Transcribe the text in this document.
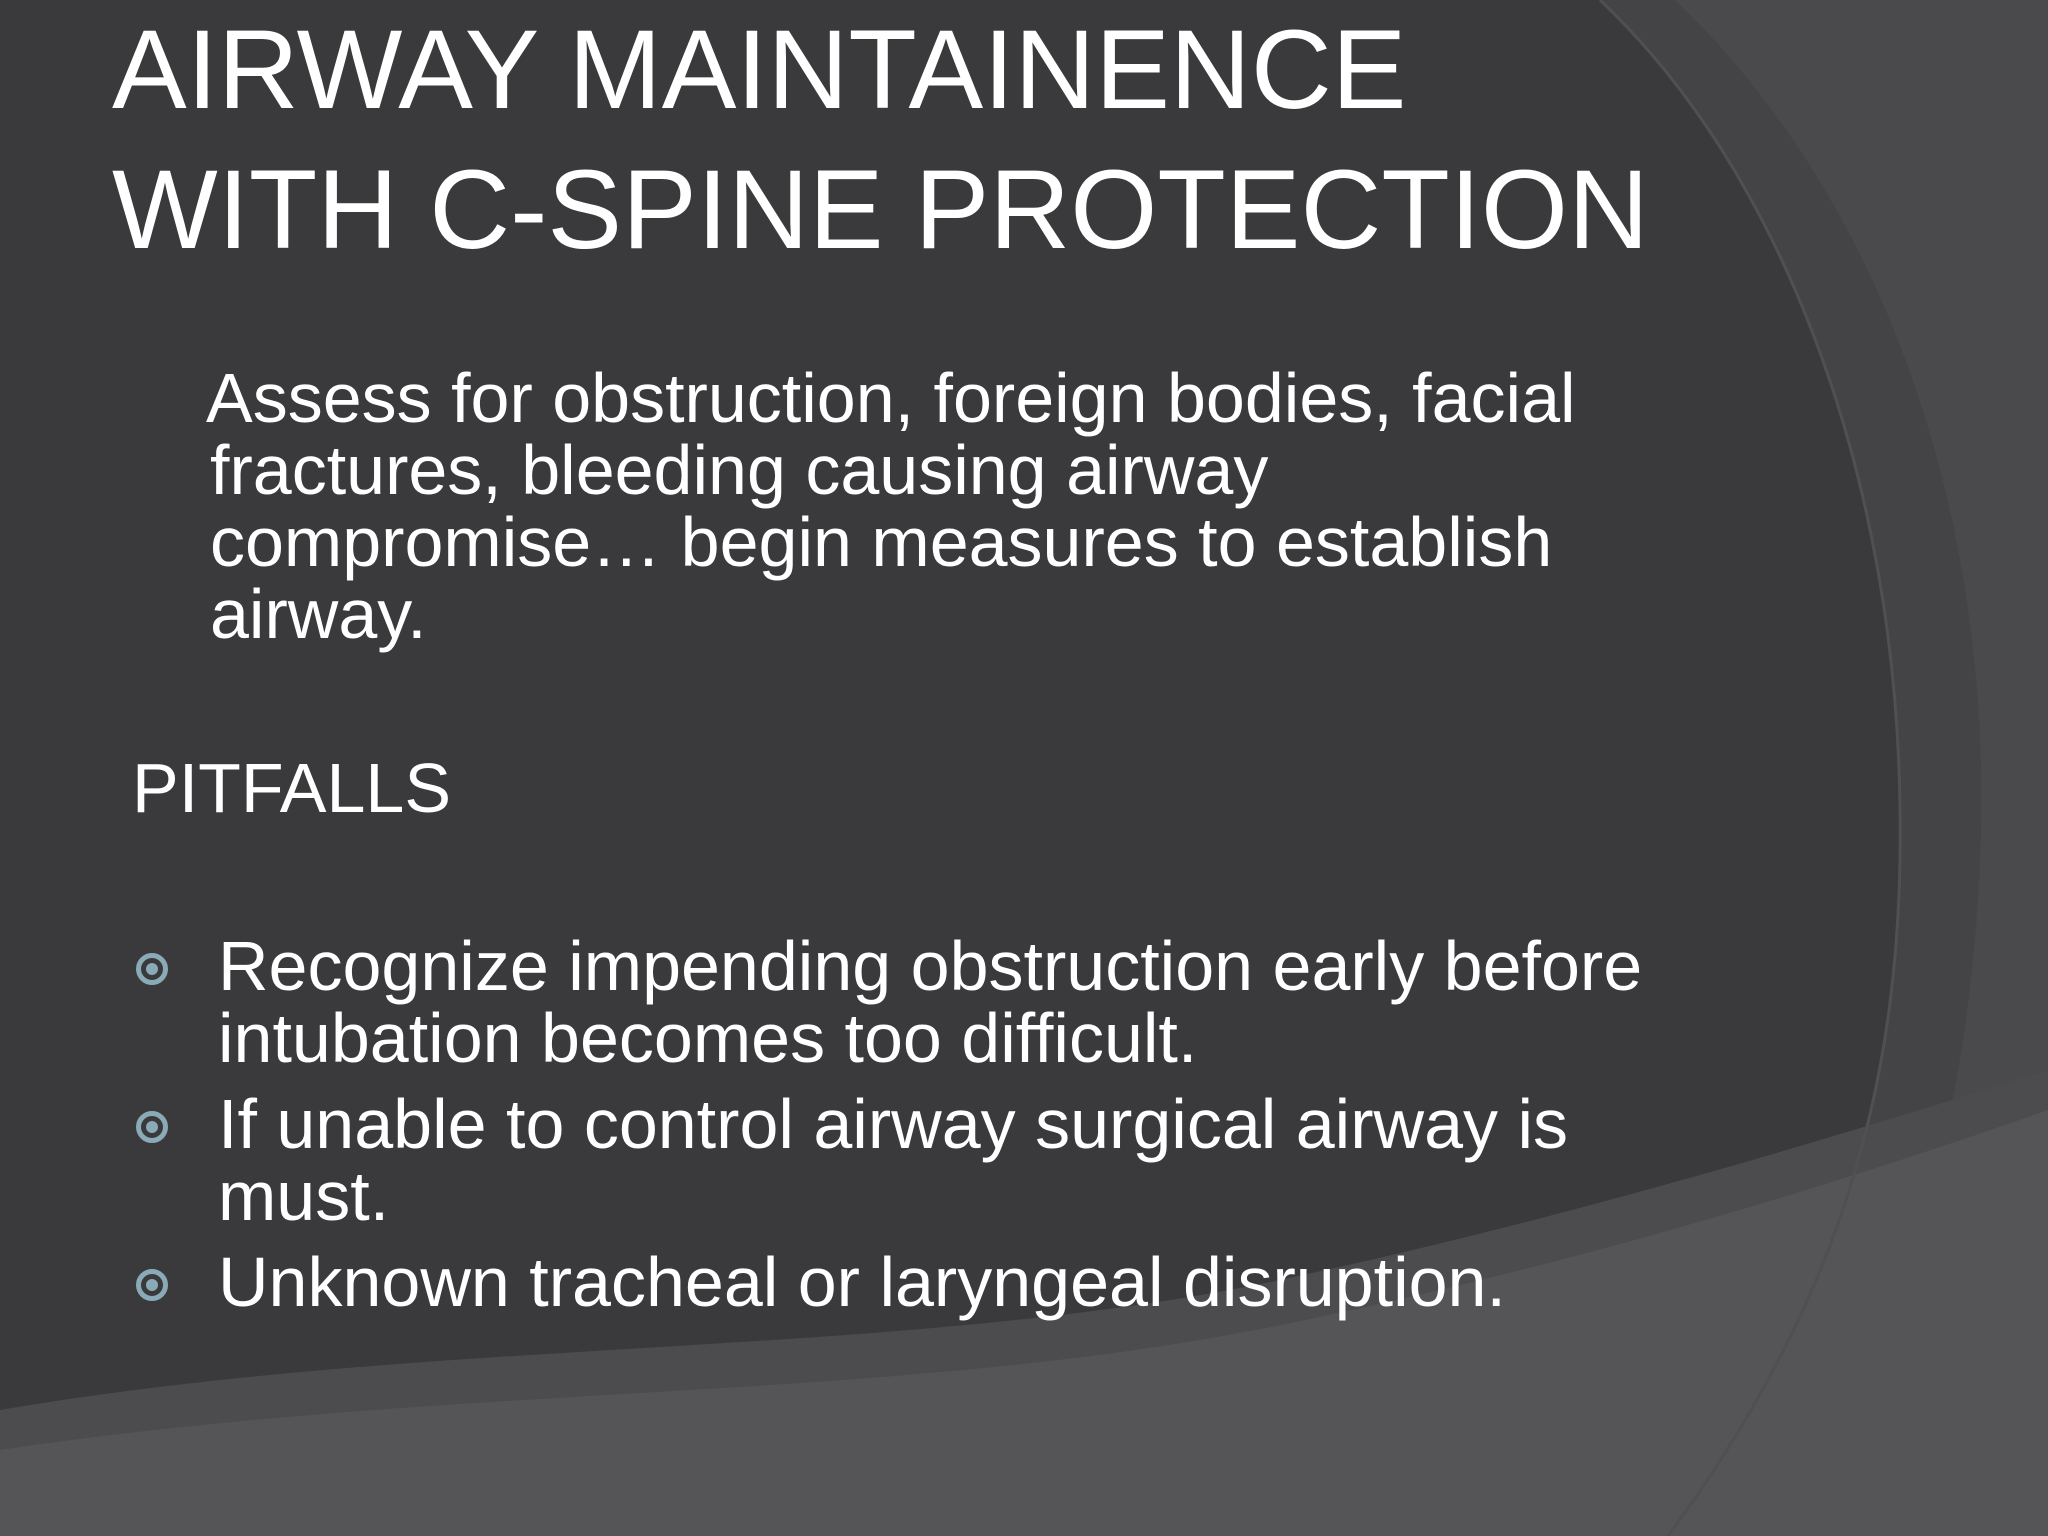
AIRWAY MAINTAINENCE
WITH C-SPINE PROTECTION
Assess for obstruction, foreign bodies, facial
fractures, bleeding causing airway
compromise… begin measures to establish
airway.
PITFALLS
Recognize impending obstruction early before
intubation becomes too difficult.
If unable to control airway surgical airway is
must.
Unknown tracheal or laryngeal disruption.
